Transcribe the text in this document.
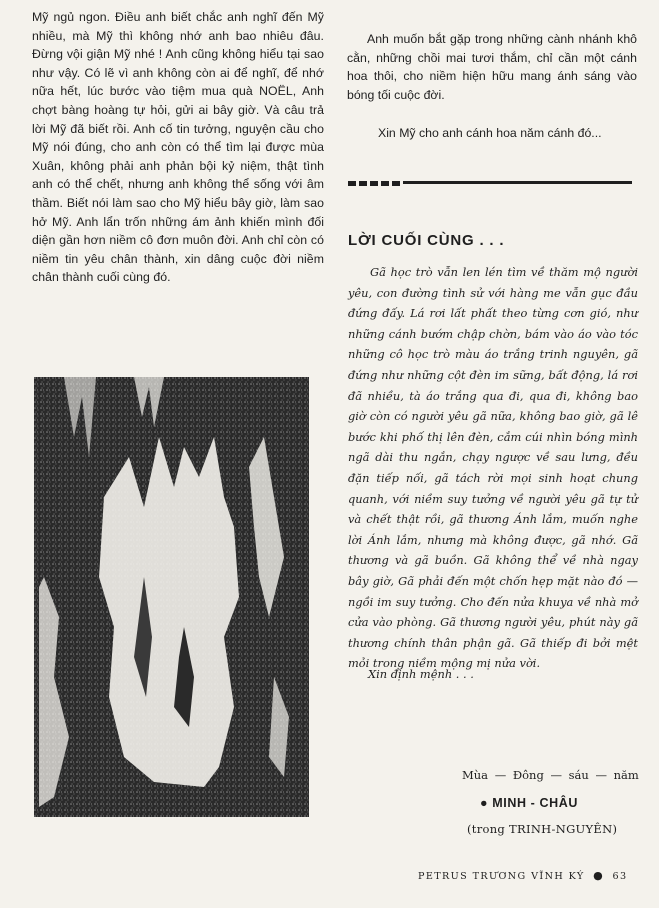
Mỹ ngủ ngon. Điều anh biết chắc anh nghĩ đến Mỹ nhiều, mà Mỹ thì không nhớ anh bao nhiêu đâu. Đừng vội giận Mỹ nhé ! Anh cũng không hiểu tại sao như vậy. Có lẽ vì anh không còn ai để nghĩ, để nhớ nữa hết, lúc bước vào tiệm mua quà NOËL, Anh chợt bàng hoàng tự hỏi, gửi ai bây giờ. Và câu trả lời Mỹ đã biết rồi. Anh cố tin tưởng, nguyện cầu cho Mỹ nói đúng, cho anh còn có thể tìm lại được mùa Xuân, không phải anh phản bội kỷ niệm, thật tình anh có thể chết, nhưng anh không thể sống với âm thầm. Biết nói làm sao cho Mỹ hiểu bây giờ, làm sao hở Mỹ. Anh lẩn trốn những ám ảnh khiến mình đối diện gần hơn niềm cô đơn muôn đời. Anh chỉ còn có niềm tin yêu chân thành, xin dâng cuộc đời niềm chân thành cuối cùng đó.

Anh muốn bắt gặp trong những cành nhánh khô cằn, những chồi mai tươi thắm, chỉ cần một cánh hoa thôi, cho niềm hiện hữu mang ánh sáng vào bóng tối cuộc đời.

Xin Mỹ cho anh cánh hoa năm cánh đó...
LỜI CUỐI CÙNG . . .

Gã học trò vẫn len lén tìm về thăm mộ người yêu, con đường tình sử với hàng me vẫn gục đầu đứng đấy. Lá rơi lất phất theo từng cơn gió, như những cánh bướm chập chờn, bám vào áo vào tóc những cô học trò màu áo trắng trinh nguyên, gã đứng như những cột đèn im sững, bất động, lá rơi đã nhiều, tà áo trắng qua đi, qua đi, không bao giờ còn có người yêu gã nữa, không bao giờ, gã lê bước khi phố thị lên đèn, cắm cúi nhìn bóng mình ngã dài thu ngắn, chạy ngược về sau lưng, đều đặn tiếp nối, gã tách rời mọi sinh hoạt chung quanh, với niềm suy tưởng về người yêu gã tự tử và chết thật rồi, gã thương Ánh lắm, muốn nghe lời Ánh lắm, nhưng mà không được, gã nhớ. Gã thương và gã buồn. Gã không thể về nhà ngay bây giờ, Gã phải đến một chốn hẹp mặt nào đó — ngồi im suy tưởng. Cho đến nửa khuya về nhà mở cửa vào phòng. Gã thương người yêu, phút này gã thương chính thân phận gã. Gã thiếp đi bởi mệt mỏi trong niềm mộng mị nửa vời.

Xin định mệnh . . .
Mùa — Đông — sáu — năm
● MINH - CHÂU
(trong TRINH-NGUYÊN)
PETRUS TRƯƠNG VĨNH KÝ ● 63
